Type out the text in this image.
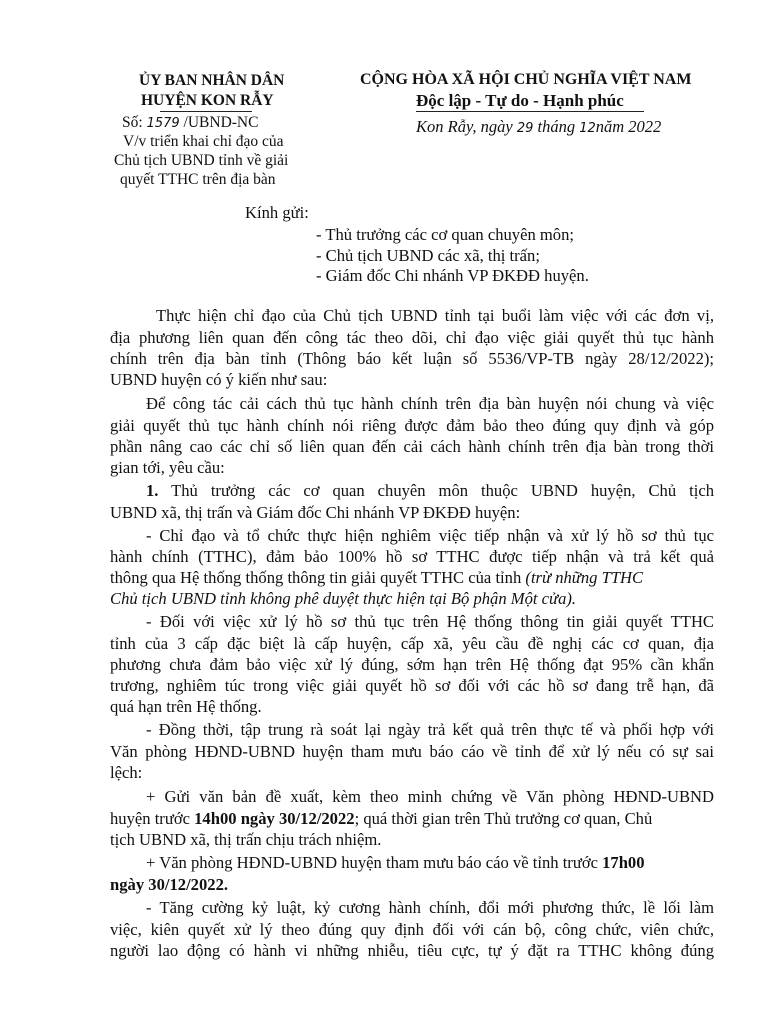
ỦY BAN NHÂN DÂN
HUYỆN KON RẪY
Số: 1579 /UBND-NC
V/v triển khai chỉ đạo của
Chủ tịch UBND tỉnh về giải
quyết TTHC trên địa bàn
CỘNG HÒA XÃ HỘI CHỦ NGHĨA VIỆT NAM
Độc lập - Tự do - Hạnh phúc
Kon Rẫy, ngày 29 tháng 12năm 2022
Kính gửi:
- Thủ trưởng các cơ quan chuyên môn;
- Chủ tịch UBND các xã, thị trấn;
- Giám đốc Chi nhánh VP ĐKĐĐ huyện.
Thực hiện chỉ đạo của Chủ tịch UBND tỉnh tại buổi làm việc với các đơn vị,
địa phương liên quan đến công tác theo dõi, chỉ đạo việc giải quyết thủ tục hành
chính trên địa bàn tỉnh (Thông báo kết luận số 5536/VP-TB ngày 28/12/2022);
UBND huyện có ý kiến như sau:
Để công tác cải cách thủ tục hành chính trên địa bàn huyện nói chung và việc
giải quyết thủ tục hành chính nói riêng được đảm bảo theo đúng quy định và góp
phần nâng cao các chỉ số liên quan đến cải cách hành chính trên địa bàn trong thời
gian tới, yêu cầu:
1. Thủ trưởng các cơ quan chuyên môn thuộc UBND huyện, Chủ tịch
UBND xã, thị trấn và Giám đốc Chi nhánh VP ĐKĐĐ huyện:
- Chỉ đạo và tổ chức thực hiện nghiêm việc tiếp nhận và xử lý hồ sơ thủ tục
hành chính (TTHC), đảm bảo 100% hồ sơ TTHC được tiếp nhận và trả kết quả
thông qua Hệ thống thống thông tin giải quyết TTHC của tỉnh (trừ những TTHC
Chủ tịch UBND tỉnh không phê duyệt thực hiện tại Bộ phận Một cửa).
- Đối với việc xử lý hồ sơ thủ tục trên Hệ thống thông tin giải quyết TTHC
tỉnh của 3 cấp đặc biệt là cấp huyện, cấp xã, yêu cầu đề nghị các cơ quan, địa
phương chưa đảm bảo việc xử lý đúng, sớm hạn trên Hệ thống đạt 95% cần khẩn
trương, nghiêm túc trong việc giải quyết hồ sơ đối với các hồ sơ đang trễ hạn, đã
quá hạn trên Hệ thống.
- Đồng thời, tập trung rà soát lại ngày trả kết quả trên thực tế và phối hợp với
Văn phòng HĐND-UBND huyện tham mưu báo cáo về tỉnh để xử lý nếu có sự sai
lệch:
+ Gửi văn bản đề xuất, kèm theo minh chứng về Văn phòng HĐND-UBND
huyện trước 14h00 ngày 30/12/2022; quá thời gian trên Thủ trưởng cơ quan, Chủ
tịch UBND xã, thị trấn chịu trách nhiệm.
+ Văn phòng HĐND-UBND huyện tham mưu báo cáo về tỉnh trước 17h00
ngày 30/12/2022.
- Tăng cường kỷ luật, kỷ cương hành chính, đổi mới phương thức, lề lối làm
việc, kiên quyết xử lý theo đúng quy định đối với cán bộ, công chức, viên chức,
người lao động có hành vi những nhiễu, tiêu cực, tự ý đặt ra TTHC không đúng
